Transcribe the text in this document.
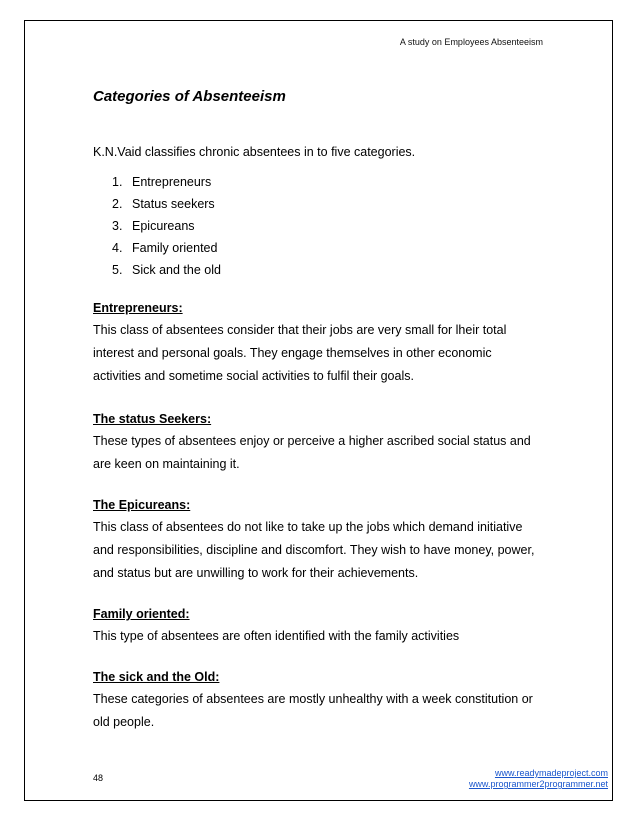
A study on Employees Absenteeism
Categories of Absenteeism

K.N.Vaid classifies chronic absentees in to five categories.

1. Entrepreneurs
2. Status seekers
3. Epicureans
4. Family oriented
5. Sick and the old
Entrepreneurs:

This class of absentees consider that their jobs are very small for lheir total

interest and personal goals. They engage themselves in other economic

activities and sometime social activities to fulfil their goals.

The status Seekers:

These types of absentees enjoy or perceive a higher ascribed social status and

are keen on maintaining it.

The Epicureans:

This class of absentees do not like to take up the jobs which demand initiative

and responsibilities, discipline and discomfort. They wish to have money, power,

and status but are unwilling to work for their achievements.

Family oriented:

This type of absentees are often identified with the family activities

The sick and the Old:

These categories of absentees are mostly unhealthy with a week constitution or

old people.

48	www.readymadeproject.com
www.programmer2programmer.net
